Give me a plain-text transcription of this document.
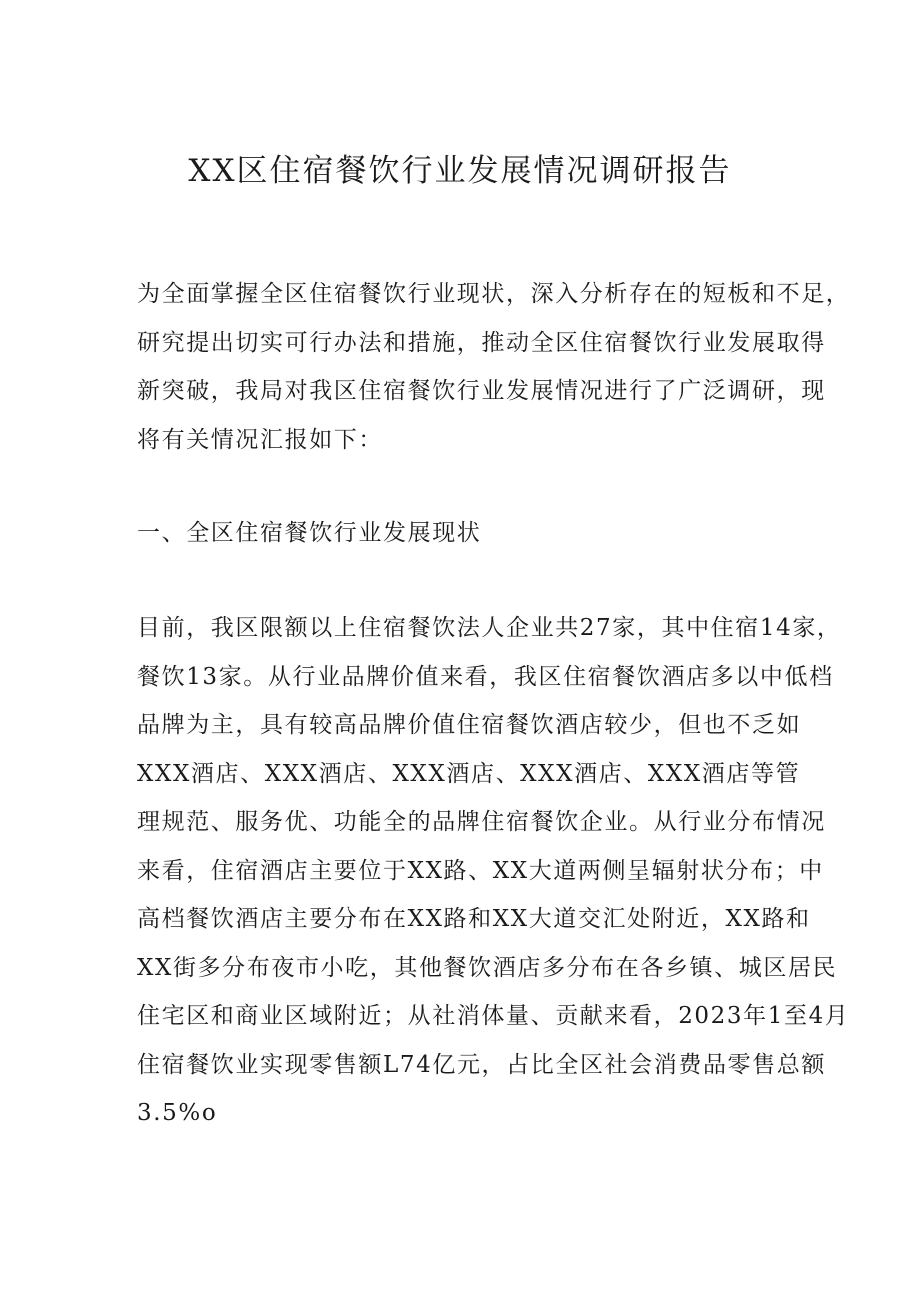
XX区住宿餐饮行业发展情况调研报告
为全面掌握全区住宿餐饮行业现状，深入分析存在的短板和不足，
研究提出切实可行办法和措施，推动全区住宿餐饮行业发展取得
新突破，我局对我区住宿餐饮行业发展情况进行了广泛调研，现
将有关情况汇报如下：
一、全区住宿餐饮行业发展现状
目前，我区限额以上住宿餐饮法人企业共27家，其中住宿14家，
餐饮13家。从行业品牌价值来看，我区住宿餐饮酒店多以中低档
品牌为主，具有较高品牌价值住宿餐饮酒店较少，但也不乏如
XXX酒店、XXX酒店、XXX酒店、XXX酒店、XXX酒店等管
理规范、服务优、功能全的品牌住宿餐饮企业。从行业分布情况
来看，住宿酒店主要位于XX路、XX大道两侧呈辐射状分布；中
高档餐饮酒店主要分布在XX路和XX大道交汇处附近，XX路和
XX街多分布夜市小吃，其他餐饮酒店多分布在各乡镇、城区居民
住宅区和商业区域附近；从社消体量、贡献来看，2023年1至4月
住宿餐饮业实现零售额L74亿元，占比全区社会消费品零售总额
3.5%o
